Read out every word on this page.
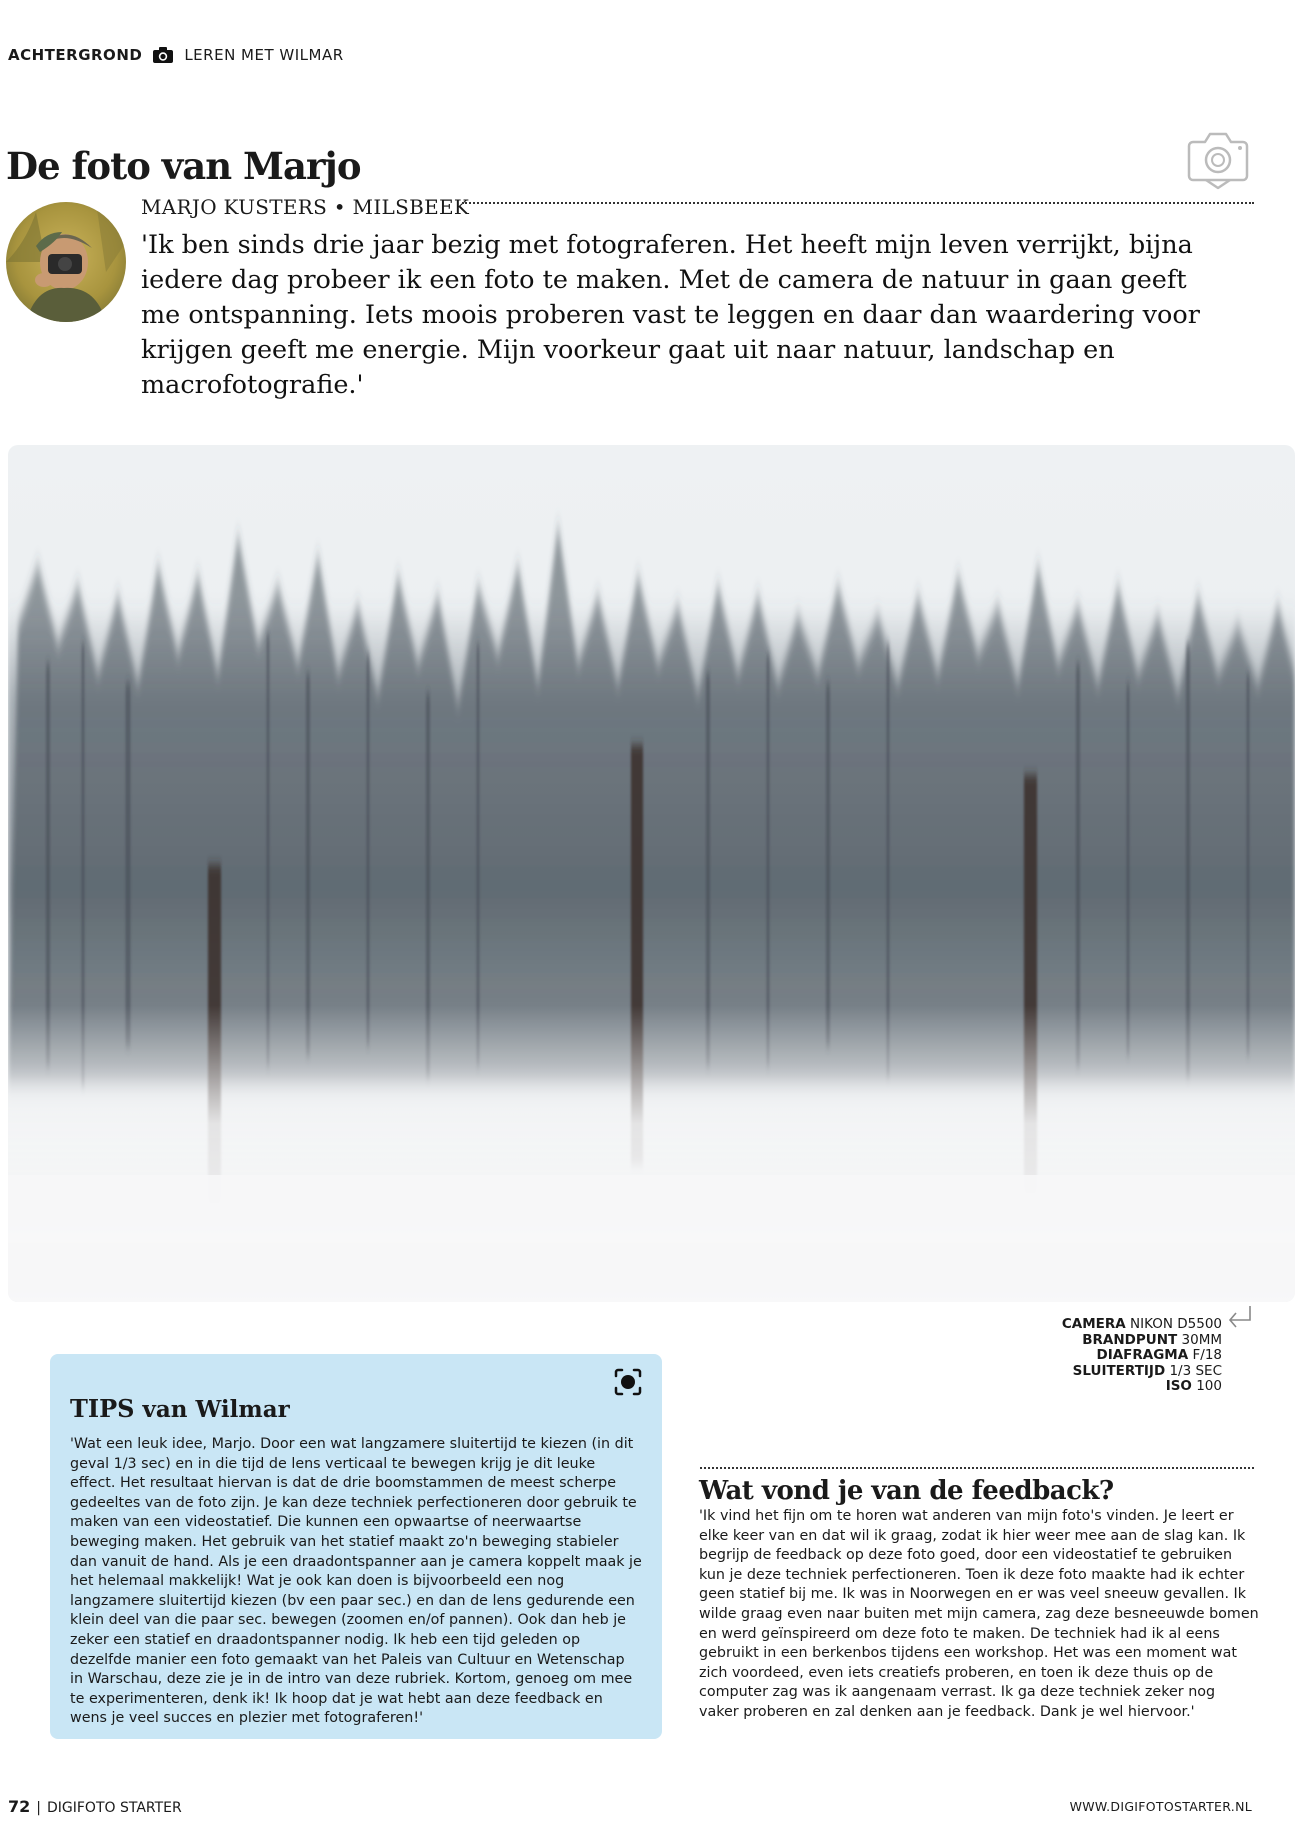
ACHTERGROND	LEREN MET WILMAR
De foto van Marjo
MARJO KUSTERS • MILSBEEK

'Ik ben sinds drie jaar bezig met fotograferen. Het heeft mijn leven verrijkt, bijna iedere dag probeer ik een foto te maken. Met de camera de natuur in gaan geeft me ontspanning. Iets moois proberen vast te leggen en daar dan waardering voor krijgen geeft me energie. Mijn voorkeur gaat uit naar natuur, landschap en macrofotografie.'

CAMERA NIKON D5500
BRANDPUNT 30MM
DIAFRAGMA F/18
SLUITERTIJD 1/3 SEC
ISO 100
TIPS van Wilmar

'Wat een leuk idee, Marjo. Door een wat langzamere sluitertijd te kiezen (in dit geval 1/3 sec) en in die tijd de lens verticaal te bewegen krijg je dit leuke effect. Het resultaat hiervan is dat de drie boomstammen de meest scherpe gedeeltes van de foto zijn. Je kan deze techniek perfectioneren door gebruik te maken van een videostatief. Die kunnen een opwaartse of neerwaartse beweging maken. Het gebruik van het statief maakt zo'n beweging stabieler dan vanuit de hand. Als je een draadontspanner aan je camera koppelt maak je het helemaal makkelijk! Wat je ook kan doen is bijvoorbeeld een nog langzamere sluitertijd kiezen (bv een paar sec.) en dan de lens gedurende een klein deel van die paar sec. bewegen (zoomen en/of pannen). Ook dan heb je zeker een statief en draadontspanner nodig. Ik heb een tijd geleden op dezelfde manier een foto gemaakt van het Paleis van Cultuur en Wetenschap in Warschau, deze zie je in de intro van deze rubriek. Kortom, genoeg om mee te experimenteren, denk ik! Ik hoop dat je wat hebt aan deze feedback en wens je veel succes en plezier met fotograferen!'

Wat vond je van de feedback?

'Ik vind het fijn om te horen wat anderen van mijn foto's vinden. Je leert er elke keer van en dat wil ik graag, zodat ik hier weer mee aan de slag kan. Ik begrijp de feedback op deze foto goed, door een videostatief te gebruiken kun je deze techniek perfectioneren. Toen ik deze foto maakte had ik echter geen statief bij me. Ik was in Noorwegen en er was veel sneeuw gevallen. Ik wilde graag even naar buiten met mijn camera, zag deze besneeuwde bomen en werd geïnspireerd om deze foto te maken. De techniek had ik al eens gebruikt in een berkenbos tijdens een workshop. Het was een moment wat zich voordeed, even iets creatiefs proberen, en toen ik deze thuis op de computer zag was ik aangenaam verrast. Ik ga deze techniek zeker nog vaker proberen en zal denken aan je feedback. Dank je wel hiervoor.'

72 | DIGIFOTO STARTER	WWW.DIGIFOTOSTARTER.NL
